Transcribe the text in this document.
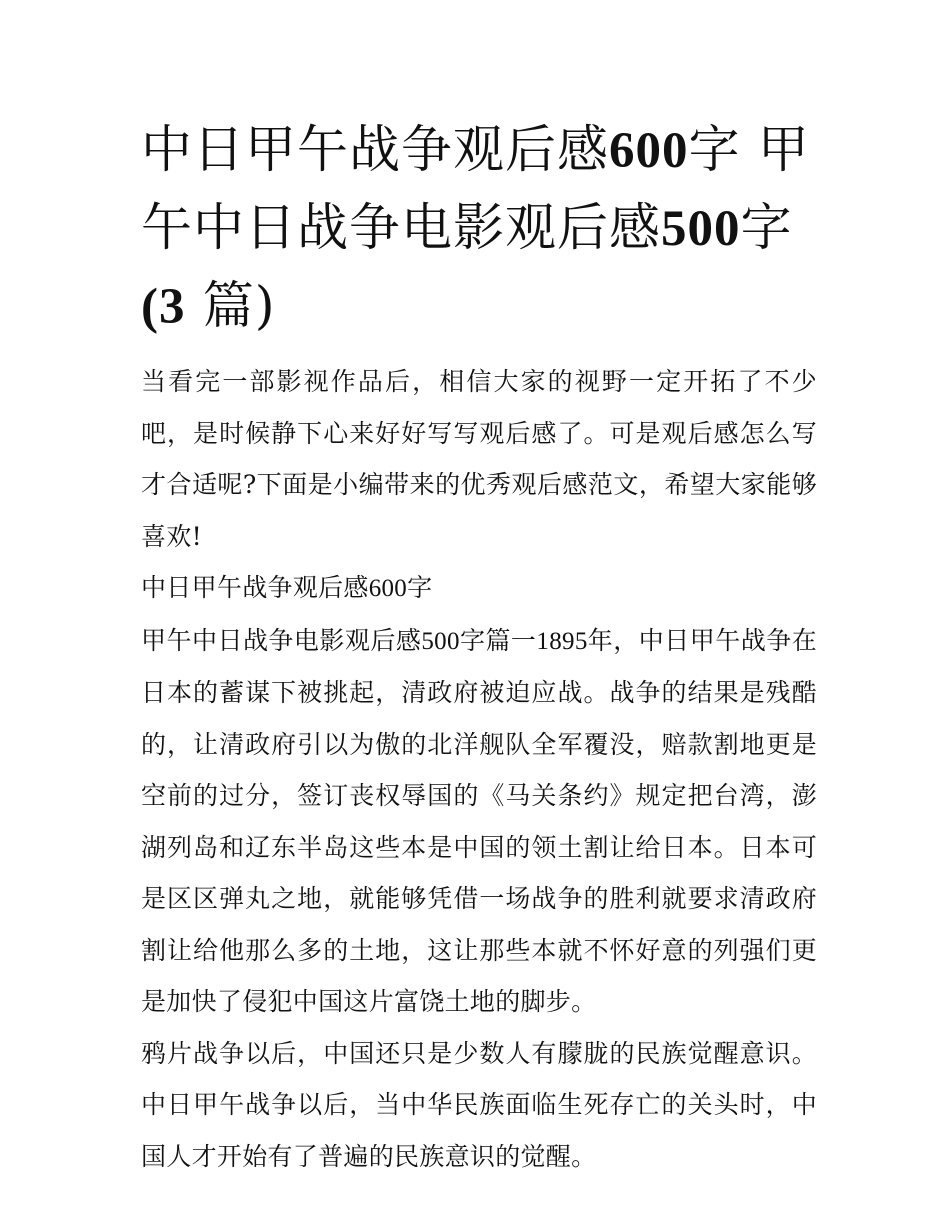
中日甲午战争观后感600字 甲午中日战争电影观后感500字
(3 篇)

当看完一部影视作品后，相信大家的视野一定开拓了不少吧，是时候静下心来好好写写观后感了。可是观后感怎么写才合适呢?下面是小编带来的优秀观后感范文，希望大家能够喜欢!

中日甲午战争观后感600字

甲午中日战争电影观后感500字篇一1895年，中日甲午战争在日本的蓄谋下被挑起，清政府被迫应战。战争的结果是残酷的，让清政府引以为傲的北洋舰队全军覆没，赔款割地更是空前的过分，签订丧权辱国的《马关条约》规定把台湾，澎湖列岛和辽东半岛这些本是中国的领土割让给日本。日本可是区区弹丸之地，就能够凭借一场战争的胜利就要求清政府割让给他那么多的土地，这让那些本就不怀好意的列强们更是加快了侵犯中国这片富饶土地的脚步。

鸦片战争以后，中国还只是少数人有朦胧的民族觉醒意识。中日甲午战争以后，当中华民族面临生死存亡的关头时，中国人才开始有了普遍的民族意识的觉醒。
